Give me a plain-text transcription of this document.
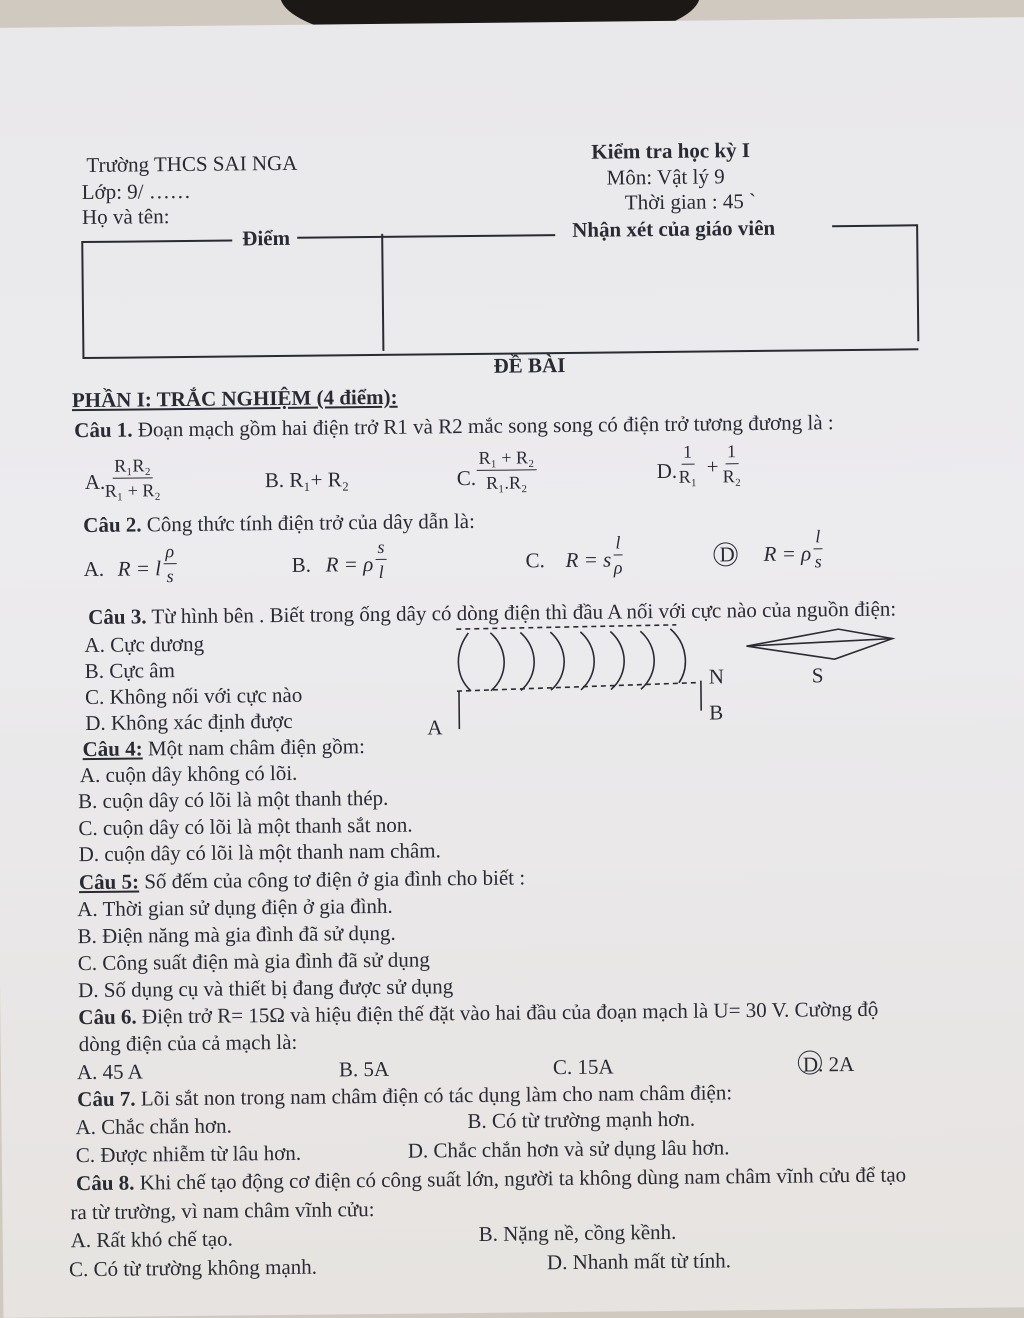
Trường THCS SAI NGA
Lớp: 9/ ……
Họ và tên:
Kiểm tra học kỳ I
Môn: Vật lý 9
Thời gian : 45 `
Điểm	Nhận xét của giáo viên
ĐỀ BÀI
PHẦN I: TRẮC NGHIỆM (4 điểm):
Câu 1. Đoạn mạch gồm hai điện trở R1 và R2 mắc song song có điện trở tương đương là :
A. $\frac{\text{R₁R₂}}{\text{R₁ + R₂}}$	B. R₁+ R₂	C. $\frac{\text{R₁ + R₂}}{\text{R₁.R₂}}$	D. $\frac{1}{\text{R₁}} + \frac{1}{\text{R₂}}$
Câu 2. Công thức tính điện trở của dây dẫn là:
A. R = l $\frac{\rho}{s}$	B. R = ρ $\frac{s}{l}$	C. R = s $\frac{l}{\rho}$	D R = ρ $\frac{l}{s}$
Câu 3. Từ hình bên . Biết trong ống dây có dòng điện thì đầu A nối với cực nào của nguồn điện:
A. Cực dương
B. Cực âm
C. Không nối với cực nào
D. Không xác định được
N	S
B
A
Câu 4: Một nam châm điện gồm:
A. cuộn dây không có lõi.
B. cuộn dây có lõi là một thanh thép.
C. cuộn dây có lõi là một thanh sắt non.
D. cuộn dây có lõi là một thanh nam châm.
Câu 5: Số đếm của công tơ điện ở gia đình cho biết :
A. Thời gian sử dụng điện ở gia đình.
B. Điện năng mà gia đình đã sử dụng.
C. Công suất điện mà gia đình đã sử dụng
D. Số dụng cụ và thiết bị đang được sử dụng
Câu 6. Điện trở R= 15Ω và hiệu điện thế đặt vào hai đầu của đoạn mạch là U= 30 V. Cường độ
dòng điện của cả mạch là:
A. 45 A	B. 5A	C. 15A	D. 2A
Câu 7. Lõi sắt non trong nam châm điện có tác dụng làm cho nam châm điện:
A. Chắc chắn hơn.	B. Có từ trường mạnh hơn.
C. Được nhiễm từ lâu hơn.	D. Chắc chắn hơn và sử dụng lâu hơn.
Câu 8. Khi chế tạo động cơ điện có công suất lớn, người ta không dùng nam châm vĩnh cửu để tạo
ra từ trường, vì nam châm vĩnh cửu:
A. Rất khó chế tạo.	B. Nặng nề, cồng kềnh.
C. Có từ trường không mạnh.	D. Nhanh mất từ tính.
